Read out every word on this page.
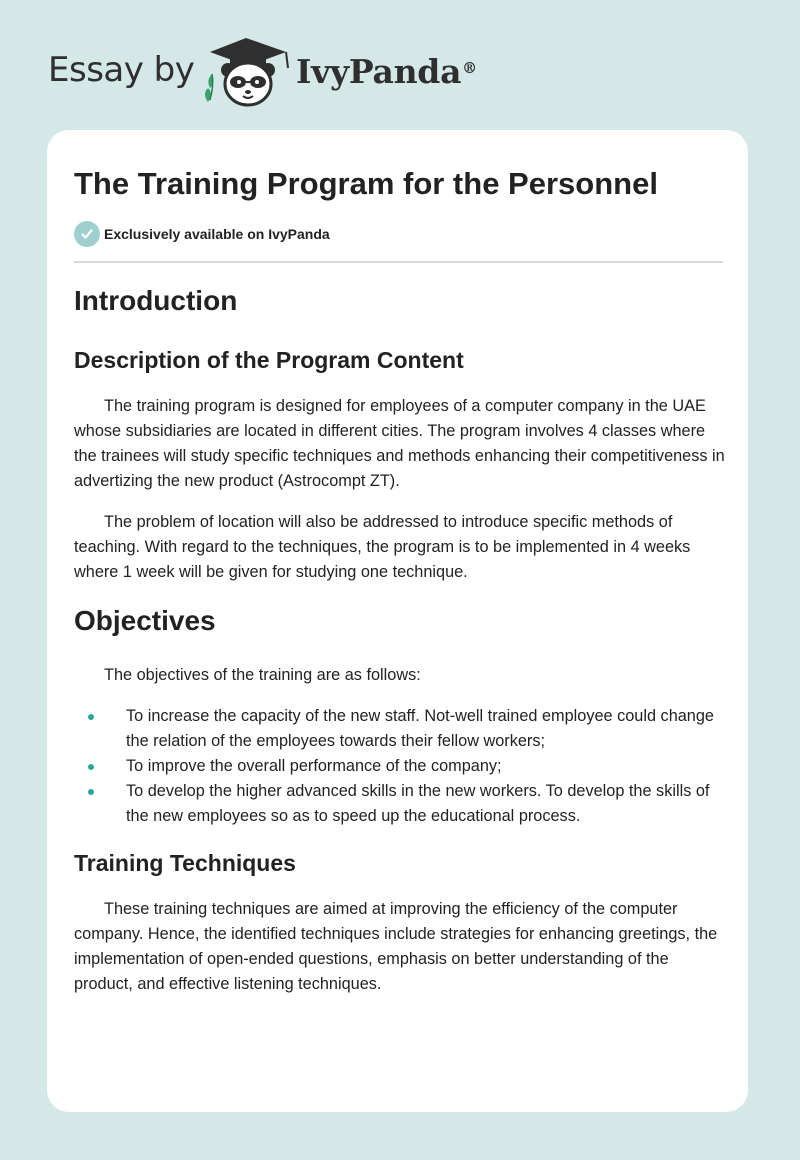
Essay by	IvyPanda®
The Training Program for the Personnel
Exclusively available on IvyPanda
Introduction
Description of the Program Content

The training program is designed for employees of a computer company in the UAE whose subsidiaries are located in different cities. The program involves 4 classes where the trainees will study specific techniques and methods enhancing their competitiveness in advertizing the new product (Astrocompt ZT).

The problem of location will also be addressed to introduce specific methods of teaching. With regard to the techniques, the program is to be implemented in 4 weeks where 1 week will be given for studying one technique.

Objectives

The objectives of the training are as follows:

To increase the capacity of the new staff. Not-well trained employee could change the relation of the employees towards their fellow workers;
To improve the overall performance of the company;
To develop the higher advanced skills in the new workers. To develop the skills of the new employees so as to speed up the educational process.
Training Techniques

These training techniques are aimed at improving the efficiency of the computer company. Hence, the identified techniques include strategies for enhancing greetings, the implementation of open-ended questions, emphasis on better understanding of the product, and effective listening techniques.
